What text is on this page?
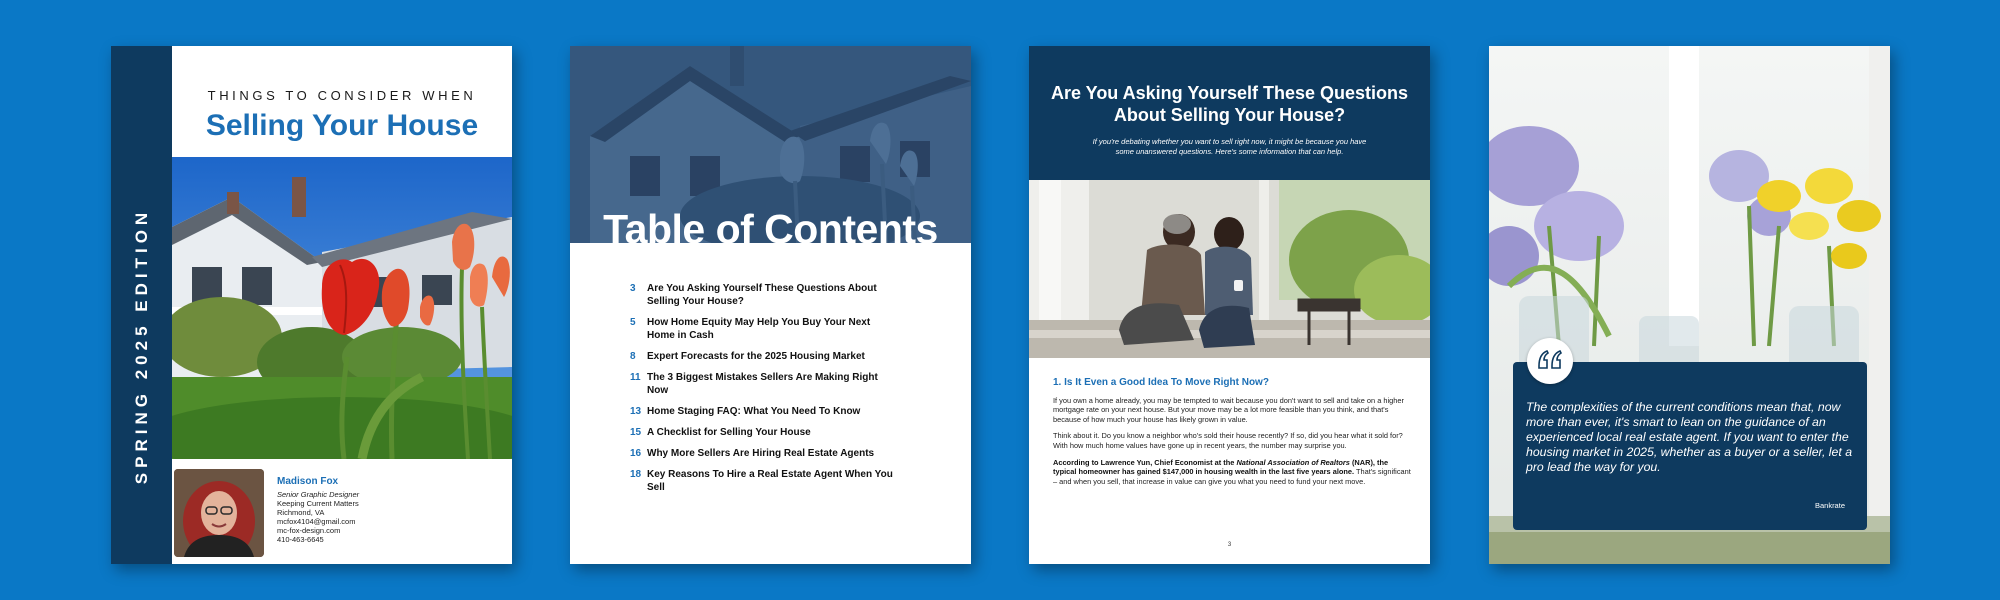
SPRING 2025 EDITION
THINGS TO CONSIDER WHEN
Selling Your House
Madison Fox
Senior Graphic Designer
Keeping Current Matters
Richmond, VA
mcfox4104@gmail.com
mc-fox-design.com
410-463-6645
Table of Contents
3	Are You Asking Yourself These Questions About Selling Your House?
5	How Home Equity May Help You Buy Your Next Home in Cash
8	Expert Forecasts for the 2025 Housing Market
11 The 3 Biggest Mistakes Sellers Are Making Right Now
13 Home Staging FAQ: What You Need To Know
15 A Checklist for Selling Your House
16 Why More Sellers Are Hiring Real Estate Agents
18 Key Reasons To Hire a Real Estate Agent When You Sell
Are You Asking Yourself These Questions About Selling Your House?
If you're debating whether you want to sell right now, it might be because you have some unanswered questions. Here's some information that can help.
1. Is It Even a Good Idea To Move Right Now?

If you own a home already, you may be tempted to wait because you don't want to sell and take on a higher mortgage rate on your next house. But your move may be a lot more feasible than you think, and that's because of how much your house has likely grown in value.

Think about it. Do you know a neighbor who's sold their house recently? If so, did you hear what it sold for? With how much home values have gone up in recent years, the number may surprise you.

According to Lawrence Yun, Chief Economist at the National Association of Realtors (NAR), the typical homeowner has gained $147,000 in housing wealth in the last five years alone. That's significant – and when you sell, that increase in value can give you what you need to fund your next move.

3
The complexities of the current conditions mean that, now more than ever, it's smart to lean on the guidance of an experienced local real estate agent. If you want to enter the housing market in 2025, whether as a buyer or a seller, let a pro lead the way for you.
Bankrate
